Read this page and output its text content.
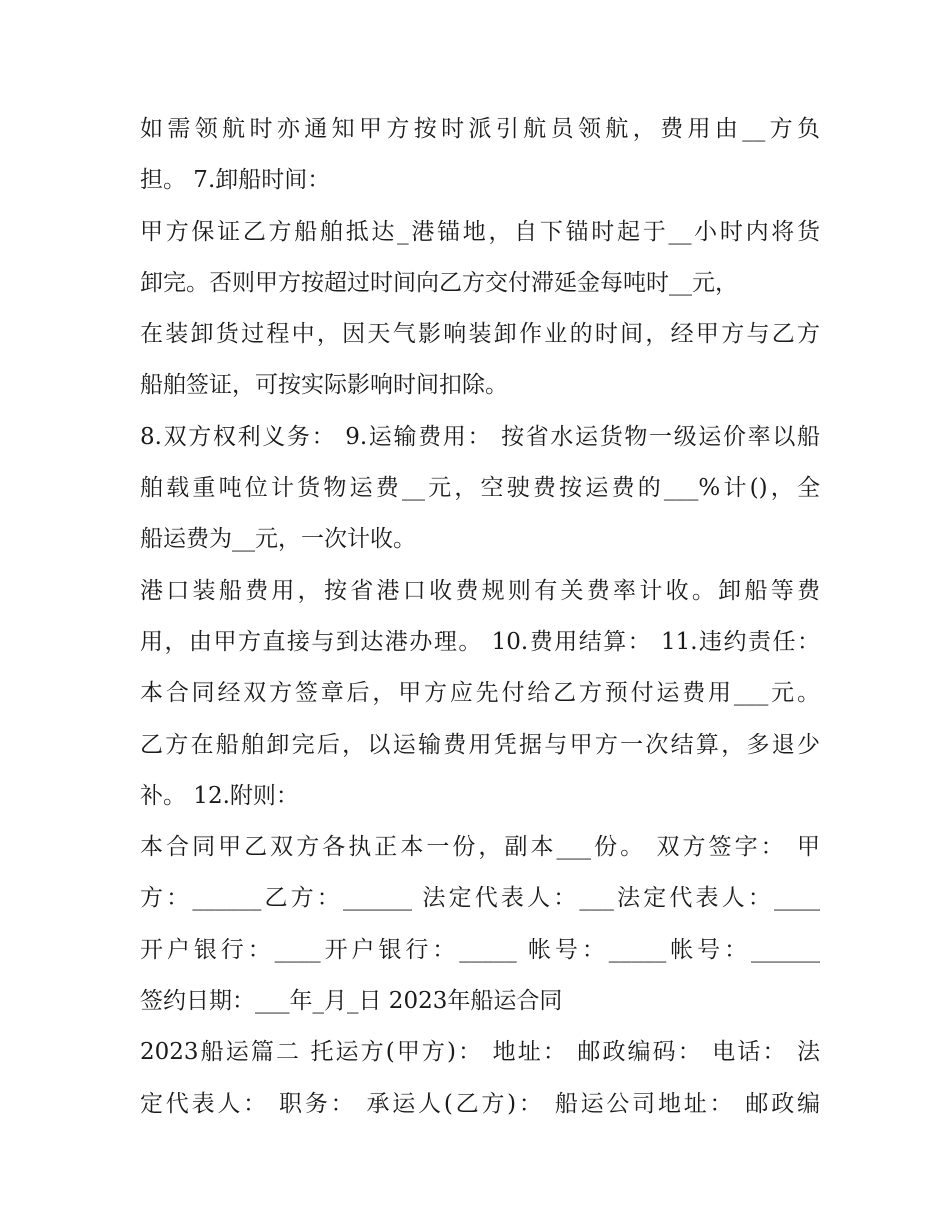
如需领航时亦通知甲方按时派引航员领航，费用由__方负
担。 7.卸船时间：
甲方保证乙方船舶抵达_港锚地，自下锚时起于__小时内将货
卸完。否则甲方按超过时间向乙方交付滞延金每吨时__元，
在装卸货过程中，因天气影响装卸作业的时间，经甲方与乙方
船舶签证，可按实际影响时间扣除。
8.双方权利义务： 9.运输费用： 按省水运货物一级运价率以船
舶载重吨位计货物运费__元，空驶费按运费的___%计()，全
船运费为__元，一次计收。
港口装船费用，按省港口收费规则有关费率计收。卸船等费
用，由甲方直接与到达港办理。 10.费用结算： 11.违约责任：
本合同经双方签章后，甲方应先付给乙方预付运费用___元。
乙方在船舶卸完后，以运输费用凭据与甲方一次结算，多退少
补。 12.附则：
本合同甲乙双方各执正本一份，副本___份。 双方签字： 甲
方：______乙方：______ 法定代表人：___法定代表人：____
开户银行：____开户银行：_____ 帐号：_____帐号：______
签约日期：___年_月_日 2023年船运合同
2023船运篇二 托运方(甲方)： 地址： 邮政编码： 电话： 法
定代表人： 职务： 承运人(乙方)： 船运公司地址： 邮政编
